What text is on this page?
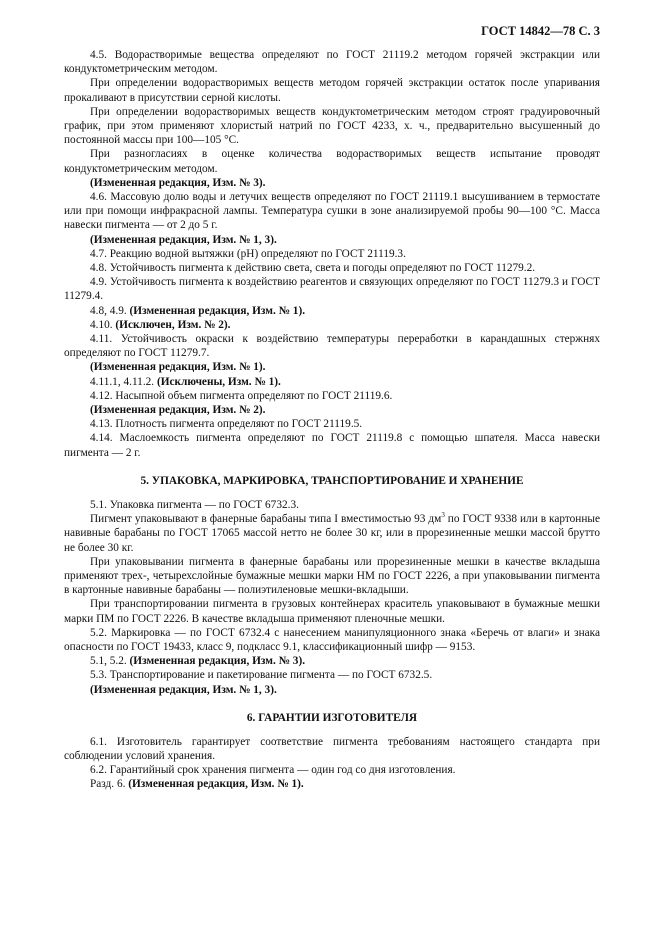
ГОСТ 14842—78 С. 3

4.5. Водорастворимые вещества определяют по ГОСТ 21119.2 методом горячей экстракции или кондуктометрическим методом.

При определении водорастворимых веществ методом горячей экстракции остаток после упаривания прокаливают в присутствии серной кислоты.

При определении водорастворимых веществ кондуктометрическим методом строят градуировочный график, при этом применяют хлористый натрий по ГОСТ 4233, х. ч., предварительно высушенный до постоянной массы при 100—105 °С.

При разногласиях в оценке количества водорастворимых веществ испытание проводят кондуктометрическим методом.

(Измененная редакция, Изм. № 3).

4.6. Массовую долю воды и летучих веществ определяют по ГОСТ 21119.1 высушиванием в термостате или при помощи инфракрасной лампы. Температура сушки в зоне анализируемой пробы 90—100 °С. Масса навески пигмента — от 2 до 5 г.

(Измененная редакция, Изм. № 1, 3).

4.7. Реакцию водной вытяжки (рН) определяют по ГОСТ 21119.3.

4.8. Устойчивость пигмента к действию света, света и погоды определяют по ГОСТ 11279.2.

4.9. Устойчивость пигмента к воздействию реагентов и связующих определяют по ГОСТ 11279.3 и ГОСТ 11279.4.

4.8, 4.9. (Измененная редакция, Изм. № 1).

4.10. (Исключен, Изм. № 2).

4.11. Устойчивость окраски к воздействию температуры переработки в карандашных стержнях определяют по ГОСТ 11279.7.

(Измененная редакция, Изм. № 1).

4.11.1, 4.11.2. (Исключены, Изм. № 1).

4.12. Насыпной объем пигмента определяют по ГОСТ 21119.6.

(Измененная редакция, Изм. № 2).

4.13. Плотность пигмента определяют по ГОСТ 21119.5.

4.14. Маслоемкость пигмента определяют по ГОСТ 21119.8 с помощью шпателя. Масса навески пигмента — 2 г.

5. УПАКОВКА, МАРКИРОВКА, ТРАНСПОРТИРОВАНИЕ И ХРАНЕНИЕ

5.1. Упаковка пигмента — по ГОСТ 6732.3.

Пигмент упаковывают в фанерные барабаны типа I вместимостью 93 $дм^3$ по ГОСТ 9338 или в картонные навивные барабаны по ГОСТ 17065 массой нетто не более 30 кг, или в прорезиненные мешки массой брутто не более 30 кг.

При упаковывании пигмента в фанерные барабаны или прорезиненные мешки в качестве вкладыша применяют трех-, четырехслойные бумажные мешки марки НМ по ГОСТ 2226, а при упаковывании пигмента в картонные навивные барабаны — полиэтиленовые мешки-вкладыши.

При транспортировании пигмента в грузовых контейнерах краситель упаковывают в бумажные мешки марки ПМ по ГОСТ 2226. В качестве вкладыша применяют пленочные мешки.

5.2. Маркировка — по ГОСТ 6732.4 с нанесением манипуляционного знака «Беречь от влаги» и знака опасности по ГОСТ 19433, класс 9, подкласс 9.1, классификационный шифр — 9153.

5.1, 5.2. (Измененная редакция, Изм. № 3).

5.3. Транспортирование и пакетирование пигмента — по ГОСТ 6732.5.

(Измененная редакция, Изм. № 1, 3).

6. ГАРАНТИИ ИЗГОТОВИТЕЛЯ

6.1. Изготовитель гарантирует соответствие пигмента требованиям настоящего стандарта при соблюдении условий хранения.

6.2. Гарантийный срок хранения пигмента — один год со дня изготовления.

Разд. 6. (Измененная редакция, Изм. № 1).
